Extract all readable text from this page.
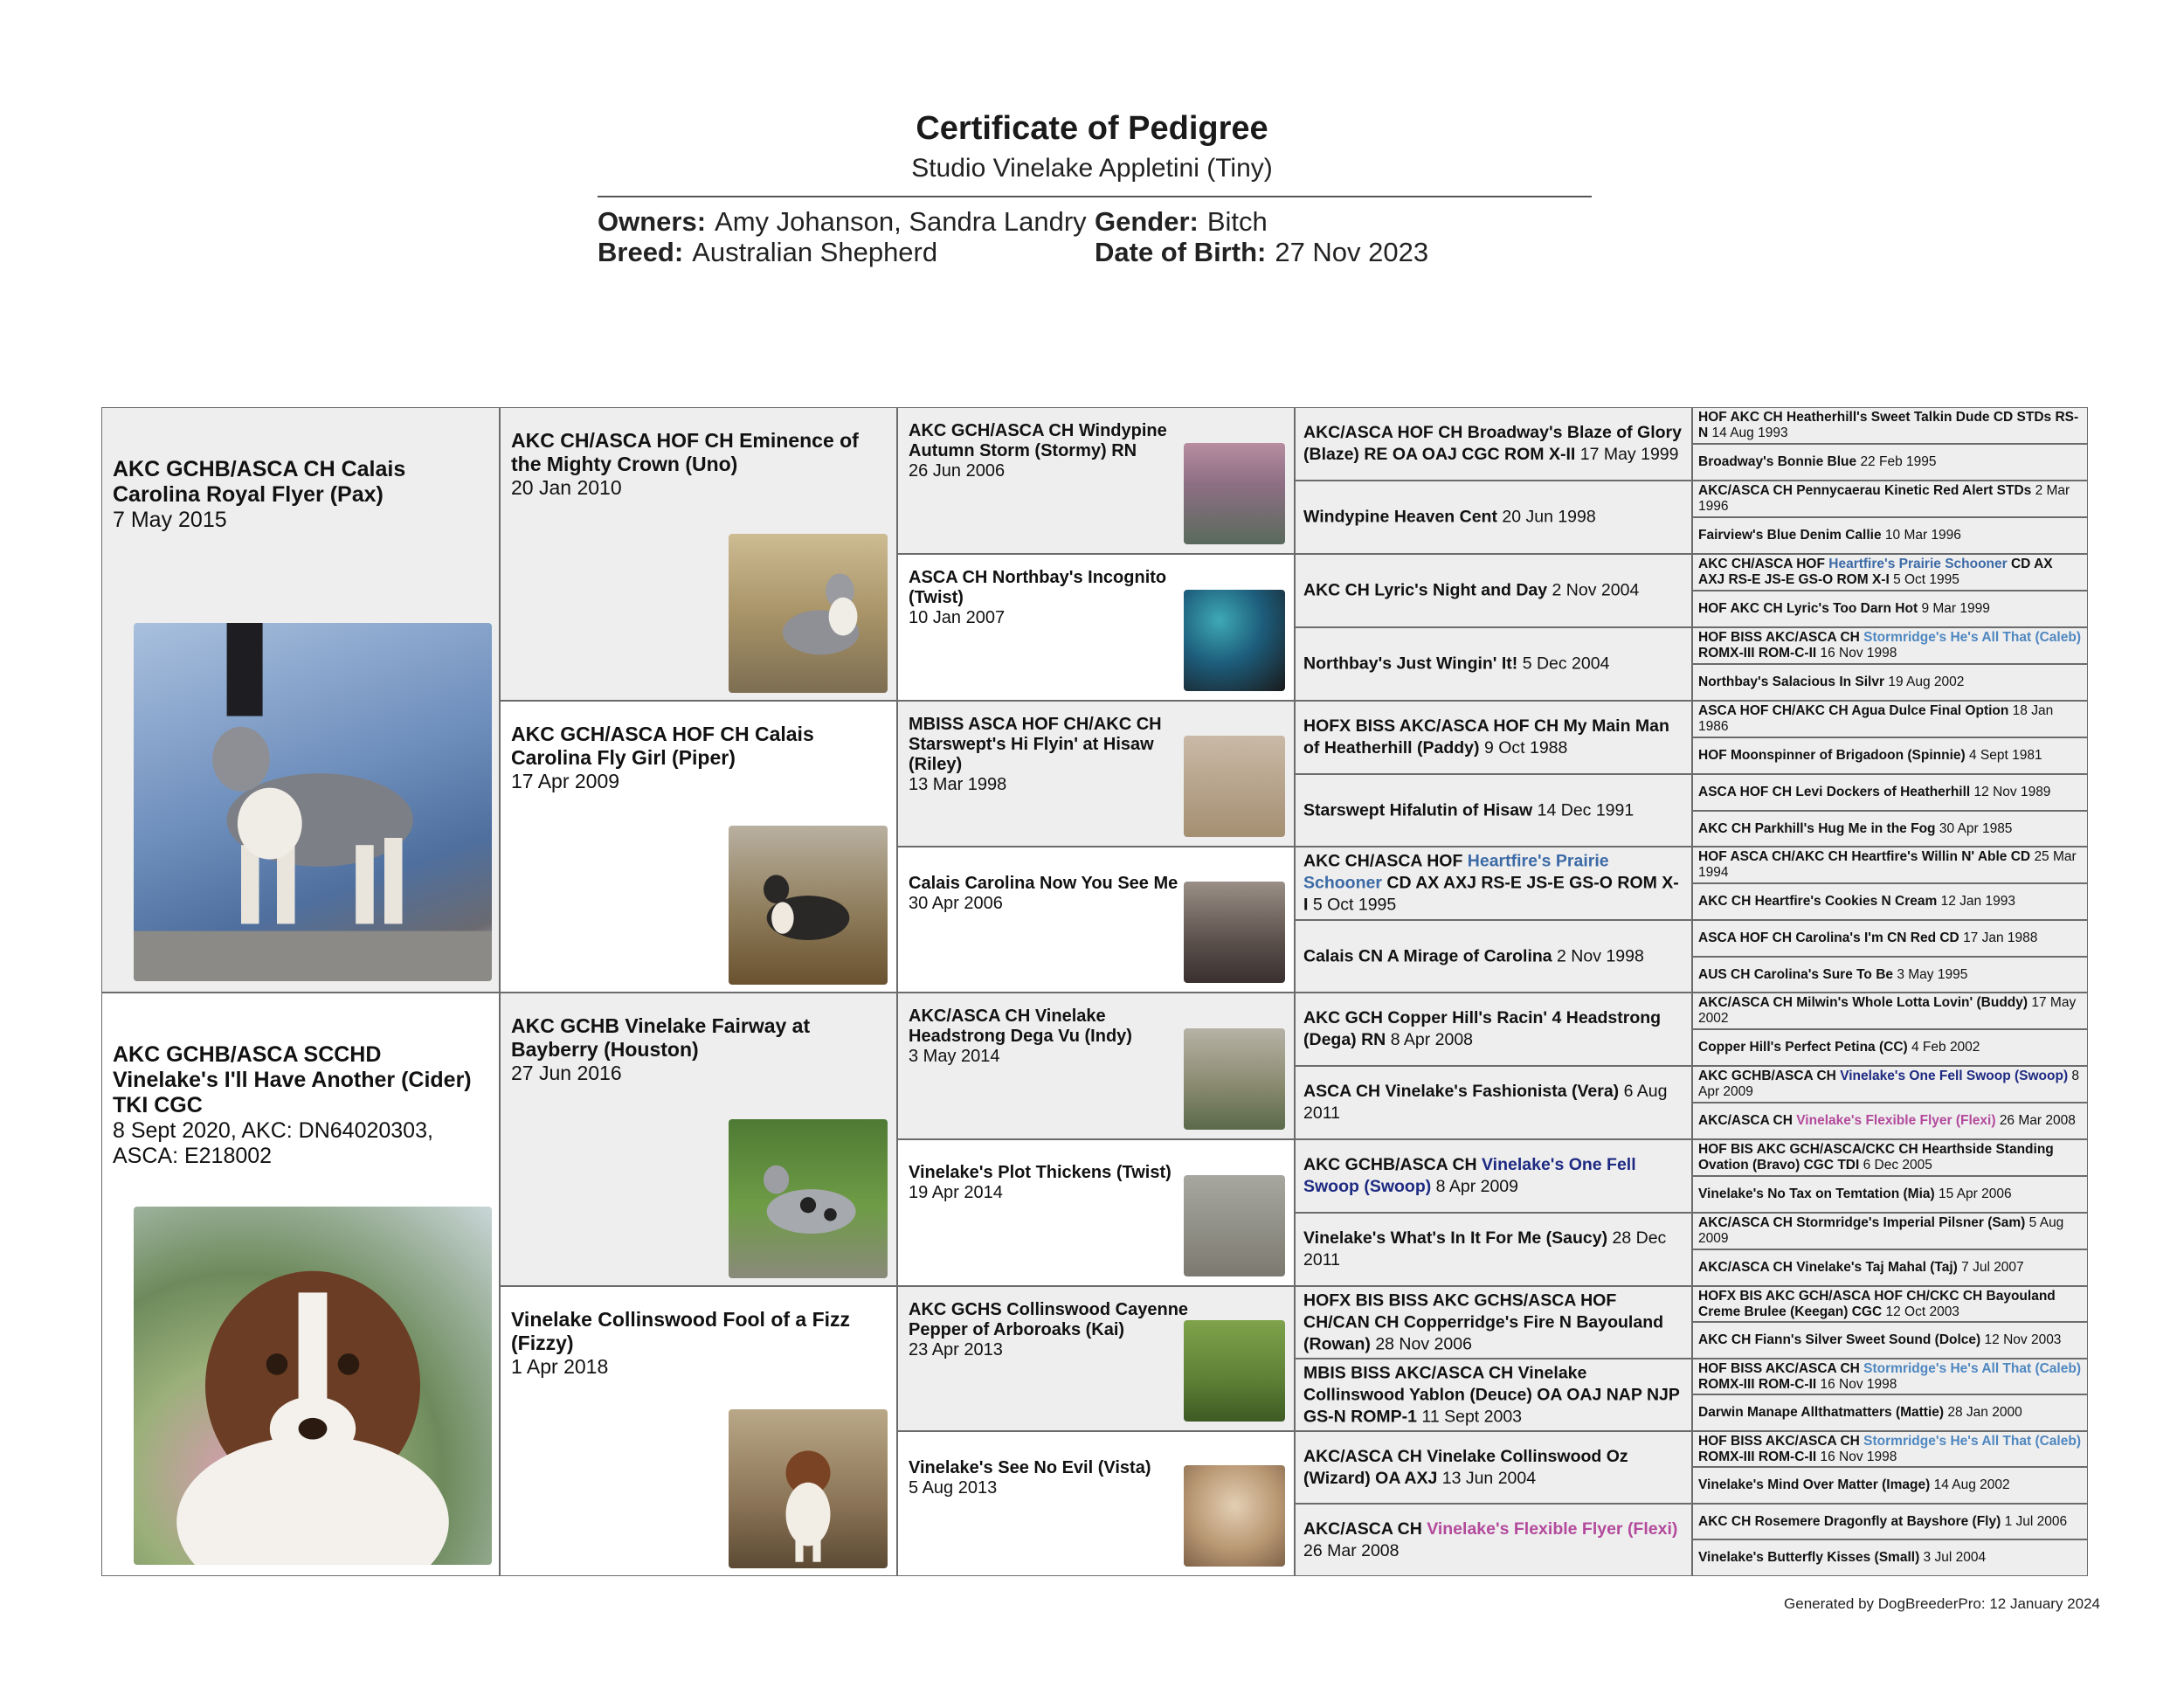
Certificate of Pedigree
Studio Vinelake Appletini (Tiny)
Owners: Amy Johanson, Sandra Landry
Breed: Australian Shepherd
Gender: Bitch
Date of Birth: 27 Nov 2023
AKC GCHB/ASCA CH Calais Carolina Royal Flyer (Pax)
7 May 2015
AKC GCHB/ASCA SCCHD Vinelake's I'll Have Another (Cider) TKI CGC
8 Sept 2020, AKC: DN64020303, ASCA: E218002
AKC CH/ASCA HOF CH Eminence of the Mighty Crown (Uno)
20 Jan 2010
AKC GCH/ASCA HOF CH Calais Carolina Fly Girl (Piper)
17 Apr 2009
AKC GCHB Vinelake Fairway at Bayberry (Houston)
27 Jun 2016
Vinelake Collinswood Fool of a Fizz (Fizzy)
1 Apr 2018
AKC GCH/ASCA CH Windypine Autumn Storm (Stormy) RN
26 Jun 2006
ASCA CH Northbay's Incognito (Twist)
10 Jan 2007
MBISS ASCA HOF CH/AKC CH Starswept's Hi Flyin' at Hisaw (Riley)
13 Mar 1998
Calais Carolina Now You See Me
30 Apr 2006
AKC/ASCA CH Vinelake Headstrong Dega Vu (Indy)
3 May 2014
Vinelake's Plot Thickens (Twist)
19 Apr 2014
AKC GCHS Collinswood Cayenne Pepper of Arboroaks (Kai)
23 Apr 2013
Vinelake's See No Evil (Vista)
5 Aug 2013
AKC/ASCA HOF CH Broadway's Blaze of Glory (Blaze) RE OA OAJ CGC ROM X-II 17 May 1999
Windypine Heaven Cent 20 Jun 1998
AKC CH Lyric's Night and Day 2 Nov 2004
Northbay's Just Wingin' It! 5 Dec 2004
HOFX BISS AKC/ASCA HOF CH My Main Man of Heatherhill (Paddy) 9 Oct 1988
Starswept Hifalutin of Hisaw 14 Dec 1991
AKC CH/ASCA HOF Heartfire's Prairie Schooner CD AX AXJ RS-E JS-E GS-O ROM X-I 5 Oct 1995
Calais CN A Mirage of Carolina 2 Nov 1998
AKC GCH Copper Hill's Racin' 4 Headstrong (Dega) RN 8 Apr 2008
ASCA CH Vinelake's Fashionista (Vera) 6 Aug 2011
AKC GCHB/ASCA CH Vinelake's One Fell Swoop (Swoop) 8 Apr 2009
Vinelake's What's In It For Me (Saucy) 28 Dec 2011
HOFX BIS BISS AKC GCHS/ASCA HOF CH/CAN CH Copperridge's Fire N Bayouland (Rowan) 28 Nov 2006
MBIS BISS AKC/ASCA CH Vinelake Collinswood Yablon (Deuce) OA OAJ NAP NJP GS-N ROMP-1 11 Sept 2003
AKC/ASCA CH Vinelake Collinswood Oz (Wizard) OA AXJ 13 Jun 2004
AKC/ASCA CH Vinelake's Flexible Flyer (Flexi) 26 Mar 2008
HOF AKC CH Heatherhill's Sweet Talkin Dude CD STDs RS-N 14 Aug 1993
Broadway's Bonnie Blue 22 Feb 1995
AKC/ASCA CH Pennycaerau Kinetic Red Alert STDs 2 Mar 1996
Fairview's Blue Denim Callie 10 Mar 1996
AKC CH/ASCA HOF Heartfire's Prairie Schooner CD AX AXJ RS-E JS-E GS-O ROM X-I 5 Oct 1995
HOF AKC CH Lyric's Too Darn Hot 9 Mar 1999
HOF BISS AKC/ASCA CH Stormridge's He's All That (Caleb) ROMX-III ROM-C-II 16 Nov 1998
Northbay's Salacious In Silvr 19 Aug 2002
ASCA HOF CH/AKC CH Agua Dulce Final Option 18 Jan 1986
HOF Moonspinner of Brigadoon (Spinnie) 4 Sept 1981
ASCA HOF CH Levi Dockers of Heatherhill 12 Nov 1989
AKC CH Parkhill's Hug Me in the Fog 30 Apr 1985
HOF ASCA CH/AKC CH Heartfire's Willin N' Able CD 25 Mar 1994
AKC CH Heartfire's Cookies N Cream 12 Jan 1993
ASCA HOF CH Carolina's I'm CN Red CD 17 Jan 1988
AUS CH Carolina's Sure To Be 3 May 1995
AKC/ASCA CH Milwin's Whole Lotta Lovin' (Buddy) 17 May 2002
Copper Hill's Perfect Petina (CC) 4 Feb 2002
AKC GCHB/ASCA CH Vinelake's One Fell Swoop (Swoop) 8 Apr 2009
AKC/ASCA CH Vinelake's Flexible Flyer (Flexi) 26 Mar 2008
HOF BIS AKC GCH/ASCA/CKC CH Hearthside Standing Ovation (Bravo) CGC TDI 6 Dec 2005
Vinelake's No Tax on Temtation (Mia) 15 Apr 2006
AKC/ASCA CH Stormridge's Imperial Pilsner (Sam) 5 Aug 2009
AKC/ASCA CH Vinelake's Taj Mahal (Taj) 7 Jul 2007
HOFX BIS AKC GCH/ASCA HOF CH/CKC CH Bayouland Creme Brulee (Keegan) CGC 12 Oct 2003
AKC CH Fiann's Silver Sweet Sound (Dolce) 12 Nov 2003
HOF BISS AKC/ASCA CH Stormridge's He's All That (Caleb) ROMX-III ROM-C-II 16 Nov 1998
Darwin Manape Allthatmatters (Mattie) 28 Jan 2000
HOF BISS AKC/ASCA CH Stormridge's He's All That (Caleb) ROMX-III ROM-C-II 16 Nov 1998
Vinelake's Mind Over Matter (Image) 14 Aug 2002
AKC CH Rosemere Dragonfly at Bayshore (Fly) 1 Jul 2006
Vinelake's Butterfly Kisses (Small) 3 Jul 2004
Generated by DogBreederPro: 12 January 2024
